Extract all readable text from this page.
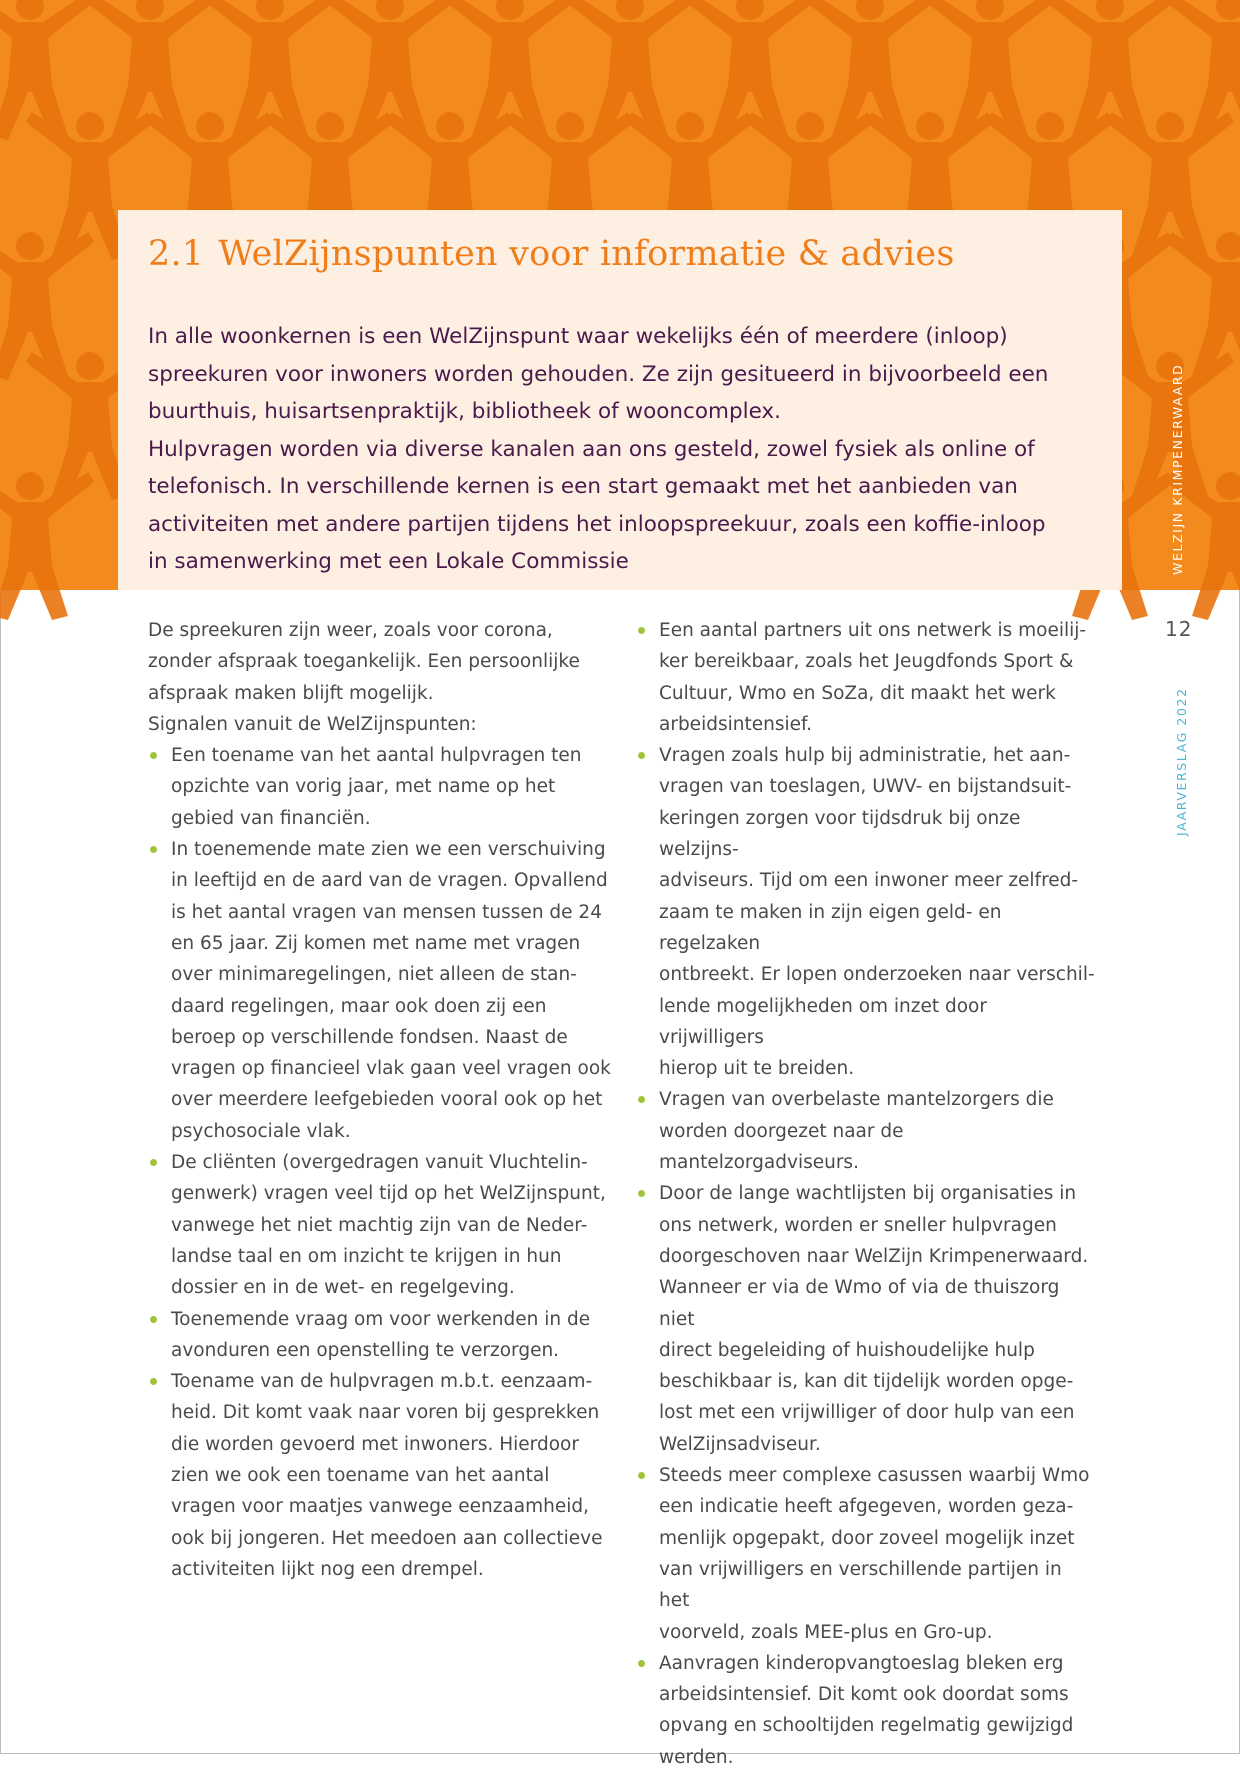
2.1 WelZijnspunten voor informatie & advies
In alle woonkernen is een WelZijnspunt waar wekelijks één of meerdere (inloop)
spreekuren voor inwoners worden gehouden. Ze zijn gesitueerd in bijvoorbeeld een
buurthuis, huisartsenpraktijk, bibliotheek of wooncomplex.
Hulpvragen worden via diverse kanalen aan ons gesteld, zowel fysiek als online of
telefonisch. In verschillende kernen is een start gemaakt met het aanbieden van
activiteiten met andere partijen tijdens het inloopspreekuur, zoals een koffie-inloop
in samenwerking met een Lokale Commissie	WELZIJN KRIMPENERWAARD
12
JAARVERSLAG 2022

De spreekuren zijn weer, zoals voor corona,
zonder afspraak toegankelijk. Een persoonlijke
afspraak maken blijft mogelijk.
Signalen vanuit de WelZijnspunten:

Een toename van het aantal hulpvragen ten
opzichte van vorig jaar, met name op het
gebied van financiën.
In toenemende mate zien we een verschuiving
in leeftijd en de aard van de vragen. Opvallend
is het aantal vragen van mensen tussen de 24
en 65 jaar. Zij komen met name met vragen
over minimaregelingen, niet alleen de stan-
daard regelingen, maar ook doen zij een
beroep op verschillende fondsen. Naast de
vragen op financieel vlak gaan veel vragen ook
over meerdere leefgebieden vooral ook op het
psychosociale vlak.
De cliënten (overgedragen vanuit Vluchtelin-
genwerk) vragen veel tijd op het WelZijnspunt,
vanwege het niet machtig zijn van de Neder-
landse taal en om inzicht te krijgen in hun
dossier en in de wet- en regelgeving.
Toenemende vraag om voor werkenden in de
avonduren een openstelling te verzorgen.
Toename van de hulpvragen m.b.t. eenzaam-
heid. Dit komt vaak naar voren bij gesprekken
die worden gevoerd met inwoners. Hierdoor
zien we ook een toename van het aantal
vragen voor maatjes vanwege eenzaamheid,
ook bij jongeren. Het meedoen aan collectieve
activiteiten lijkt nog een drempel.
Een aantal partners uit ons netwerk is moeilij-
ker bereikbaar, zoals het Jeugdfonds Sport &
Cultuur, Wmo en SoZa, dit maakt het werk
arbeidsintensief.
Vragen zoals hulp bij administratie, het aan-
vragen van toeslagen, UWV- en bijstandsuit-
keringen zorgen voor tijdsdruk bij onze welzijns-
adviseurs. Tijd om een inwoner meer zelfred-
zaam te maken in zijn eigen geld- en regelzaken
ontbreekt. Er lopen onderzoeken naar verschil-
lende mogelijkheden om inzet door vrijwilligers
hierop uit te breiden.
Vragen van overbelaste mantelzorgers die
worden doorgezet naar de mantelzorgadviseurs.
Door de lange wachtlijsten bij organisaties in
ons netwerk, worden er sneller hulpvragen
doorgeschoven naar WelZijn Krimpenerwaard.
Wanneer er via de Wmo of via de thuiszorg niet
direct begeleiding of huishoudelijke hulp
beschikbaar is, kan dit tijdelijk worden opge-
lost met een vrijwilliger of door hulp van een
WelZijnsadviseur.
Steeds meer complexe casussen waarbij Wmo
een indicatie heeft afgegeven, worden geza-
menlijk opgepakt, door zoveel mogelijk inzet
van vrijwilligers en verschillende partijen in het
voorveld, zoals MEE-plus en Gro-up.
Aanvragen kinderopvangtoeslag bleken erg
arbeidsintensief. Dit komt ook doordat soms
opvang en schooltijden regelmatig gewijzigd
werden.
